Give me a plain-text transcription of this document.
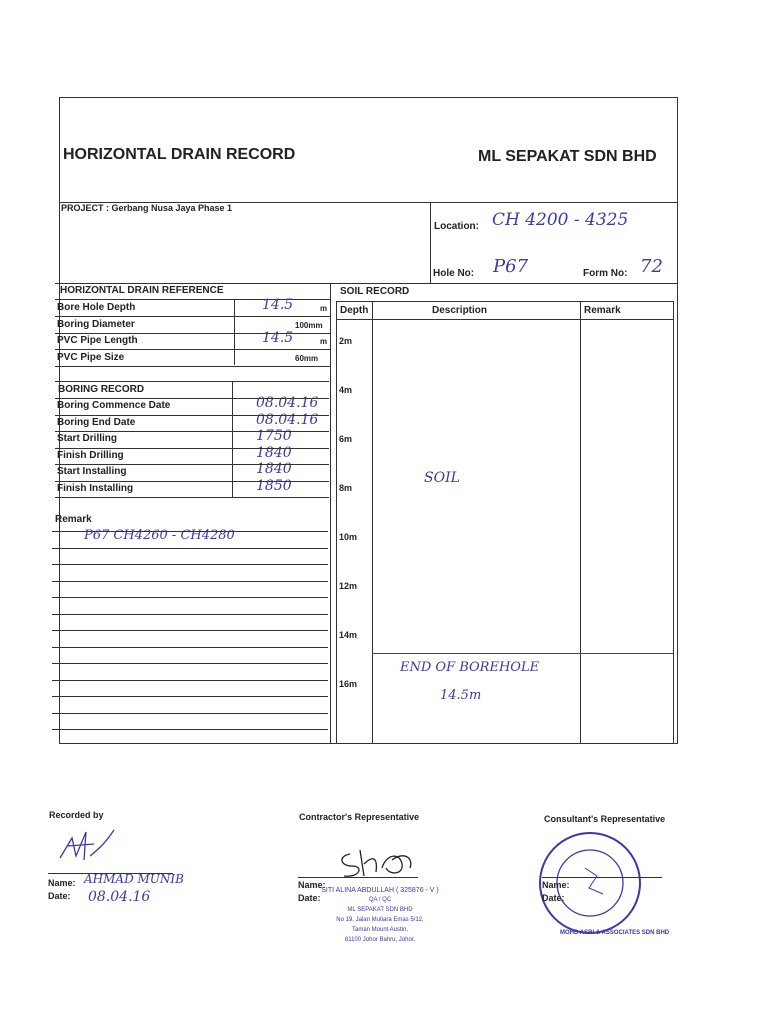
HORIZONTAL DRAIN RECORD	ML SEPAKAT SDN BHD
PROJECT : Gerbang Nusa Jaya Phase 1
Location: CH 4200 - 4325
Hole No: P67	Form No: 72
HORIZONTAL DRAIN REFERENCE
Bore Hole Depth	14.5	m
Boring Diameter	100mm
PVC Pipe Length	14.5	m
PVC Pipe Size	60mm
BORING RECORD
Boring Commence Date	08.04.16
Boring End Date	08.04.16
Start Drilling	1750
Finish Drilling	1840
Start Installing	1840
Finish Installing	1850
Remark
P67 CH4260 - CH4280
SOIL RECORD
Depth	Description	Remark
2m
4m
6m
8m
10m
12m
14m
16m
SOIL
END OF BOREHOLE
14.5m
Recorded by
Name: AHMAD MUNIB
Date: 08.04.16
Contractor's Representative
Name:
Date:
SITI ALINA ABDULLAH ( 325876 - V )
QA / QC
ML SEPAKAT SDN BHD
No 19, Jalan Mutiara Emas 5/12,
Taman Mount Austin,
81100 Johor Bahru, Johor.
Consultant's Representative
MOHD ASRI & ASSOCIATES SDN BHD
Name:
Date:
